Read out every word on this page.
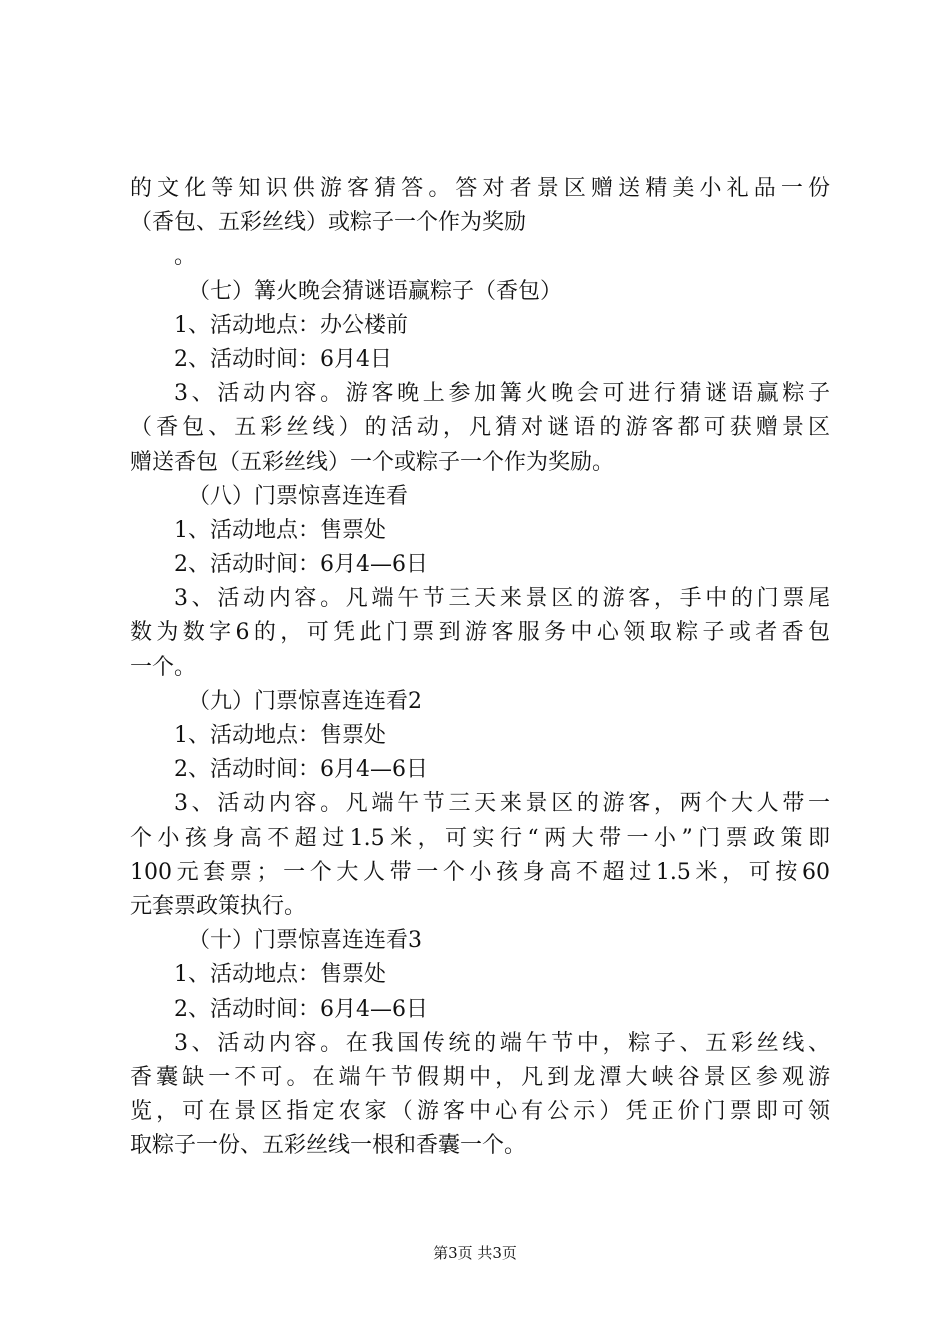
的文化等知识供游客猜答。答对者景区赠送精美小礼品一份
（香包、五彩丝线）或粽子一个作为奖励
。
（七）篝火晚会猜谜语赢粽子（香包）
1、活动地点：办公楼前
2、活动时间：6月4日
3、活动内容。游客晚上参加篝火晚会可进行猜谜语赢粽子
（香包、五彩丝线）的活动，凡猜对谜语的游客都可获赠景区
赠送香包（五彩丝线）一个或粽子一个作为奖励。
（八）门票惊喜连连看
1、活动地点：售票处
2、活动时间：6月4—6日
3、活动内容。凡端午节三天来景区的游客，手中的门票尾
数为数字6的，可凭此门票到游客服务中心领取粽子或者香包
一个。
（九）门票惊喜连连看2
1、活动地点：售票处
2、活动时间：6月4—6日
3、活动内容。凡端午节三天来景区的游客，两个大人带一
个小孩身高不超过1.5米，可实行“两大带一小”门票政策即
100元套票；一个大人带一个小孩身高不超过1.5米，可按60
元套票政策执行。
（十）门票惊喜连连看3
1、活动地点：售票处
2、活动时间：6月4—6日
3、活动内容。在我国传统的端午节中，粽子、五彩丝线、
香囊缺一不可。在端午节假期中，凡到龙潭大峡谷景区参观游
览，可在景区指定农家（游客中心有公示）凭正价门票即可领
取粽子一份、五彩丝线一根和香囊一个。
第3页 共3页
